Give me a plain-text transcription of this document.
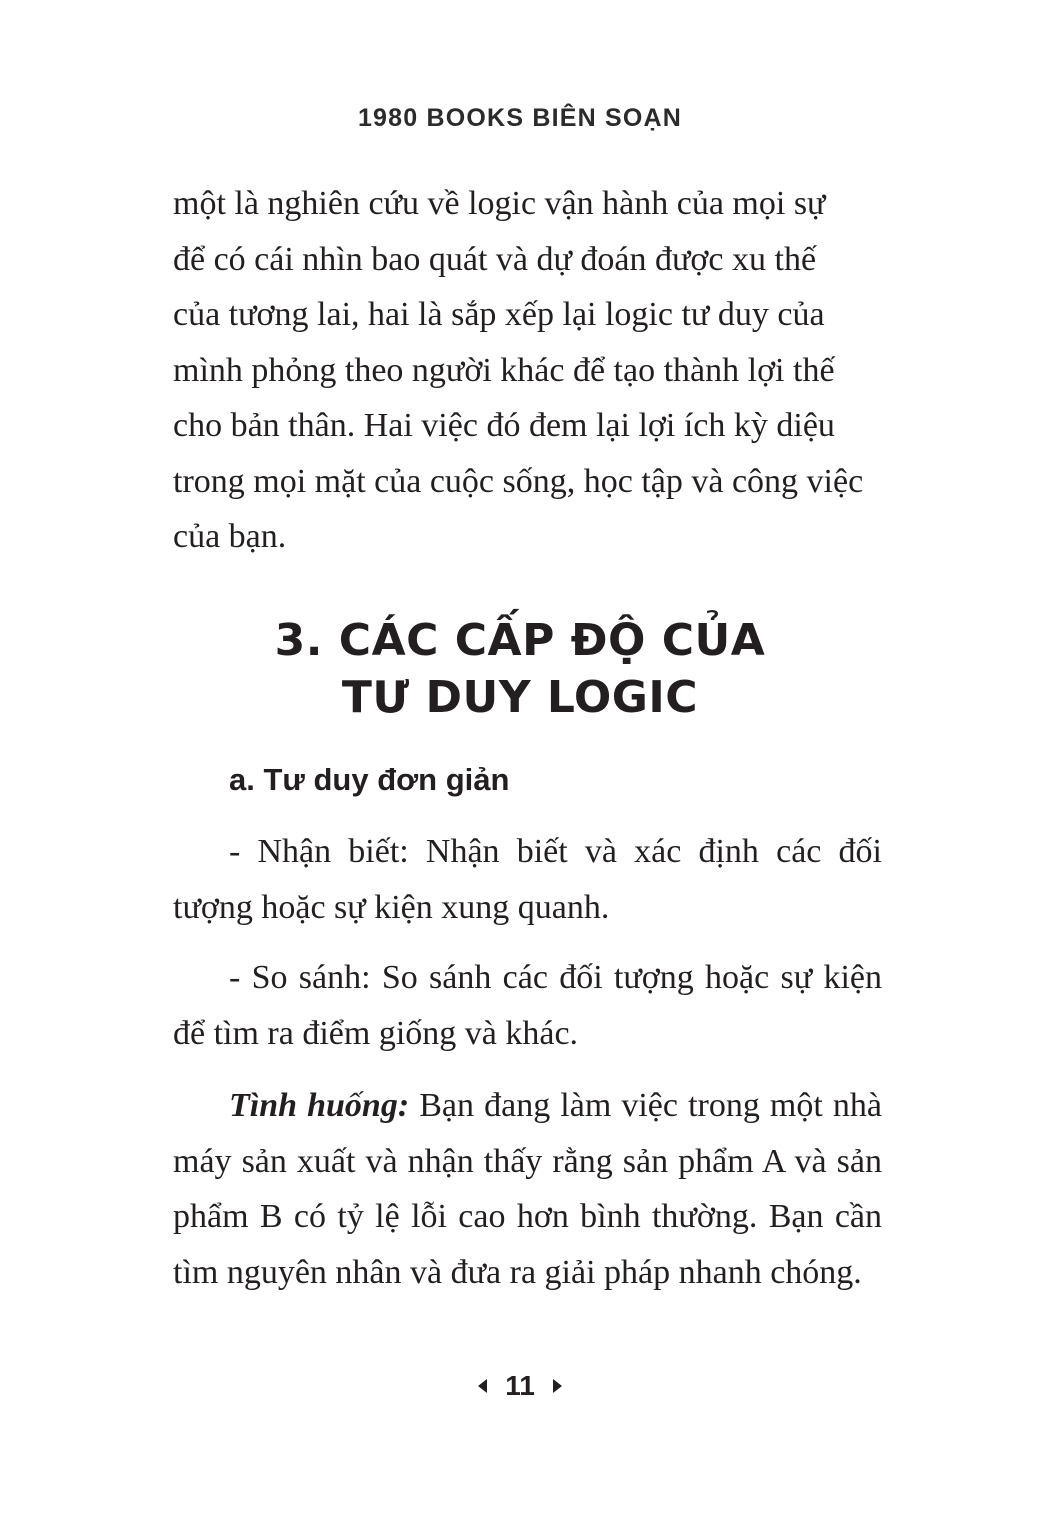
1980 BOOKS BIÊN SOẠN

một là nghiên cứu về logic vận hành của mọi sự

để có cái nhìn bao quát và dự đoán được xu thế

của tương lai, hai là sắp xếp lại logic tư duy của

mình phỏng theo người khác để tạo thành lợi thế

cho bản thân. Hai việc đó đem lại lợi ích kỳ diệu

trong mọi mặt của cuộc sống, học tập và công việc

của bạn.

3. CÁC CẤP ĐỘ CỦA
TƯ DUY LOGIC
a. Tư duy đơn giản

- Nhận biết: Nhận biết và xác định các đối tượng hoặc sự kiện xung quanh.

- So sánh: So sánh các đối tượng hoặc sự kiện để tìm ra điểm giống và khác.

Tình huống: Bạn đang làm việc trong một nhà máy sản xuất và nhận thấy rằng sản phẩm A và sản phẩm B có tỷ lệ lỗi cao hơn bình thường. Bạn cần tìm nguyên nhân và đưa ra giải pháp nhanh chóng.

11
